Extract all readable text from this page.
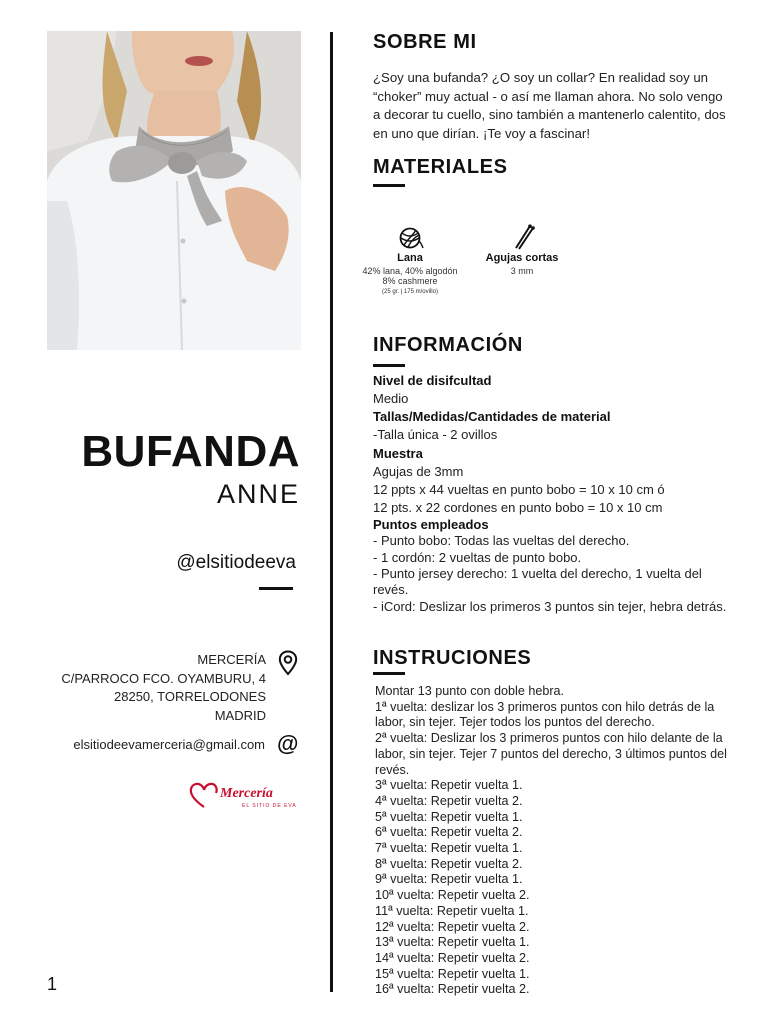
BUFANDA
ANNE
@elsitiodeeva
MERCERÍA
C/PARROCO FCO. OYAMBURU, 4
28250, TORRELODONES
MADRID
elsitiodeevamerceria@gmail.com @
Mercería
EL SITIO DE EVA
1
SOBRE MI
¿Soy una bufanda? ¿O soy un collar? En realidad soy un “choker” muy actual - o así me llaman ahora. No solo vengo a decorar tu cuello, sino también a mantenerlo calentito, dos en uno que dirían. ¡Te voy a fascinar!
MATERIALES
Lana
42% lana, 40% algodón
8% cashmere
(25 gr. | 175 m/ovillo)
Agujas cortas
3 mm
INFORMACIÓN
Nivel de disifcultad
Medio
Tallas/Medidas/Cantidades de material
-Talla única - 2 ovillos
Muestra
Agujas de 3mm
12 ppts x 44 vueltas en punto bobo = 10 x 10 cm ó
12 pts. x 22 cordones en punto bobo = 10 x 10 cm
Puntos empleados
- Punto bobo: Todas las vueltas del derecho.
- 1 cordón: 2 vueltas de punto bobo.
- Punto jersey derecho: 1 vuelta del derecho, 1 vuelta del revés.
- iCord: Deslizar los primeros 3 puntos sin tejer, hebra detrás.
INSTRUCIONES
Montar 13 punto con doble hebra.
1ª vuelta: deslizar los 3 primeros puntos con hilo detrás de la labor, sin tejer. Tejer todos los puntos del derecho.
2ª vuelta: Deslizar los 3 primeros puntos con hilo delante de la labor, sin tejer. Tejer 7 puntos del derecho, 3 últimos puntos del revés.
3ª vuelta: Repetir vuelta 1.
4ª vuelta: Repetir vuelta 2.
5ª vuelta: Repetir vuelta 1.
6ª vuelta: Repetir vuelta 2.
7ª vuelta: Repetir vuelta 1.
8ª vuelta: Repetir vuelta 2.
9ª vuelta: Repetir vuelta 1.
10ª vuelta: Repetir vuelta 2.
11ª vuelta: Repetir vuelta 1.
12ª vuelta: Repetir vuelta 2.
13ª vuelta: Repetir vuelta 1.
14ª vuelta: Repetir vuelta 2.
15ª vuelta: Repetir vuelta 1.
16ª vuelta: Repetir vuelta 2.
